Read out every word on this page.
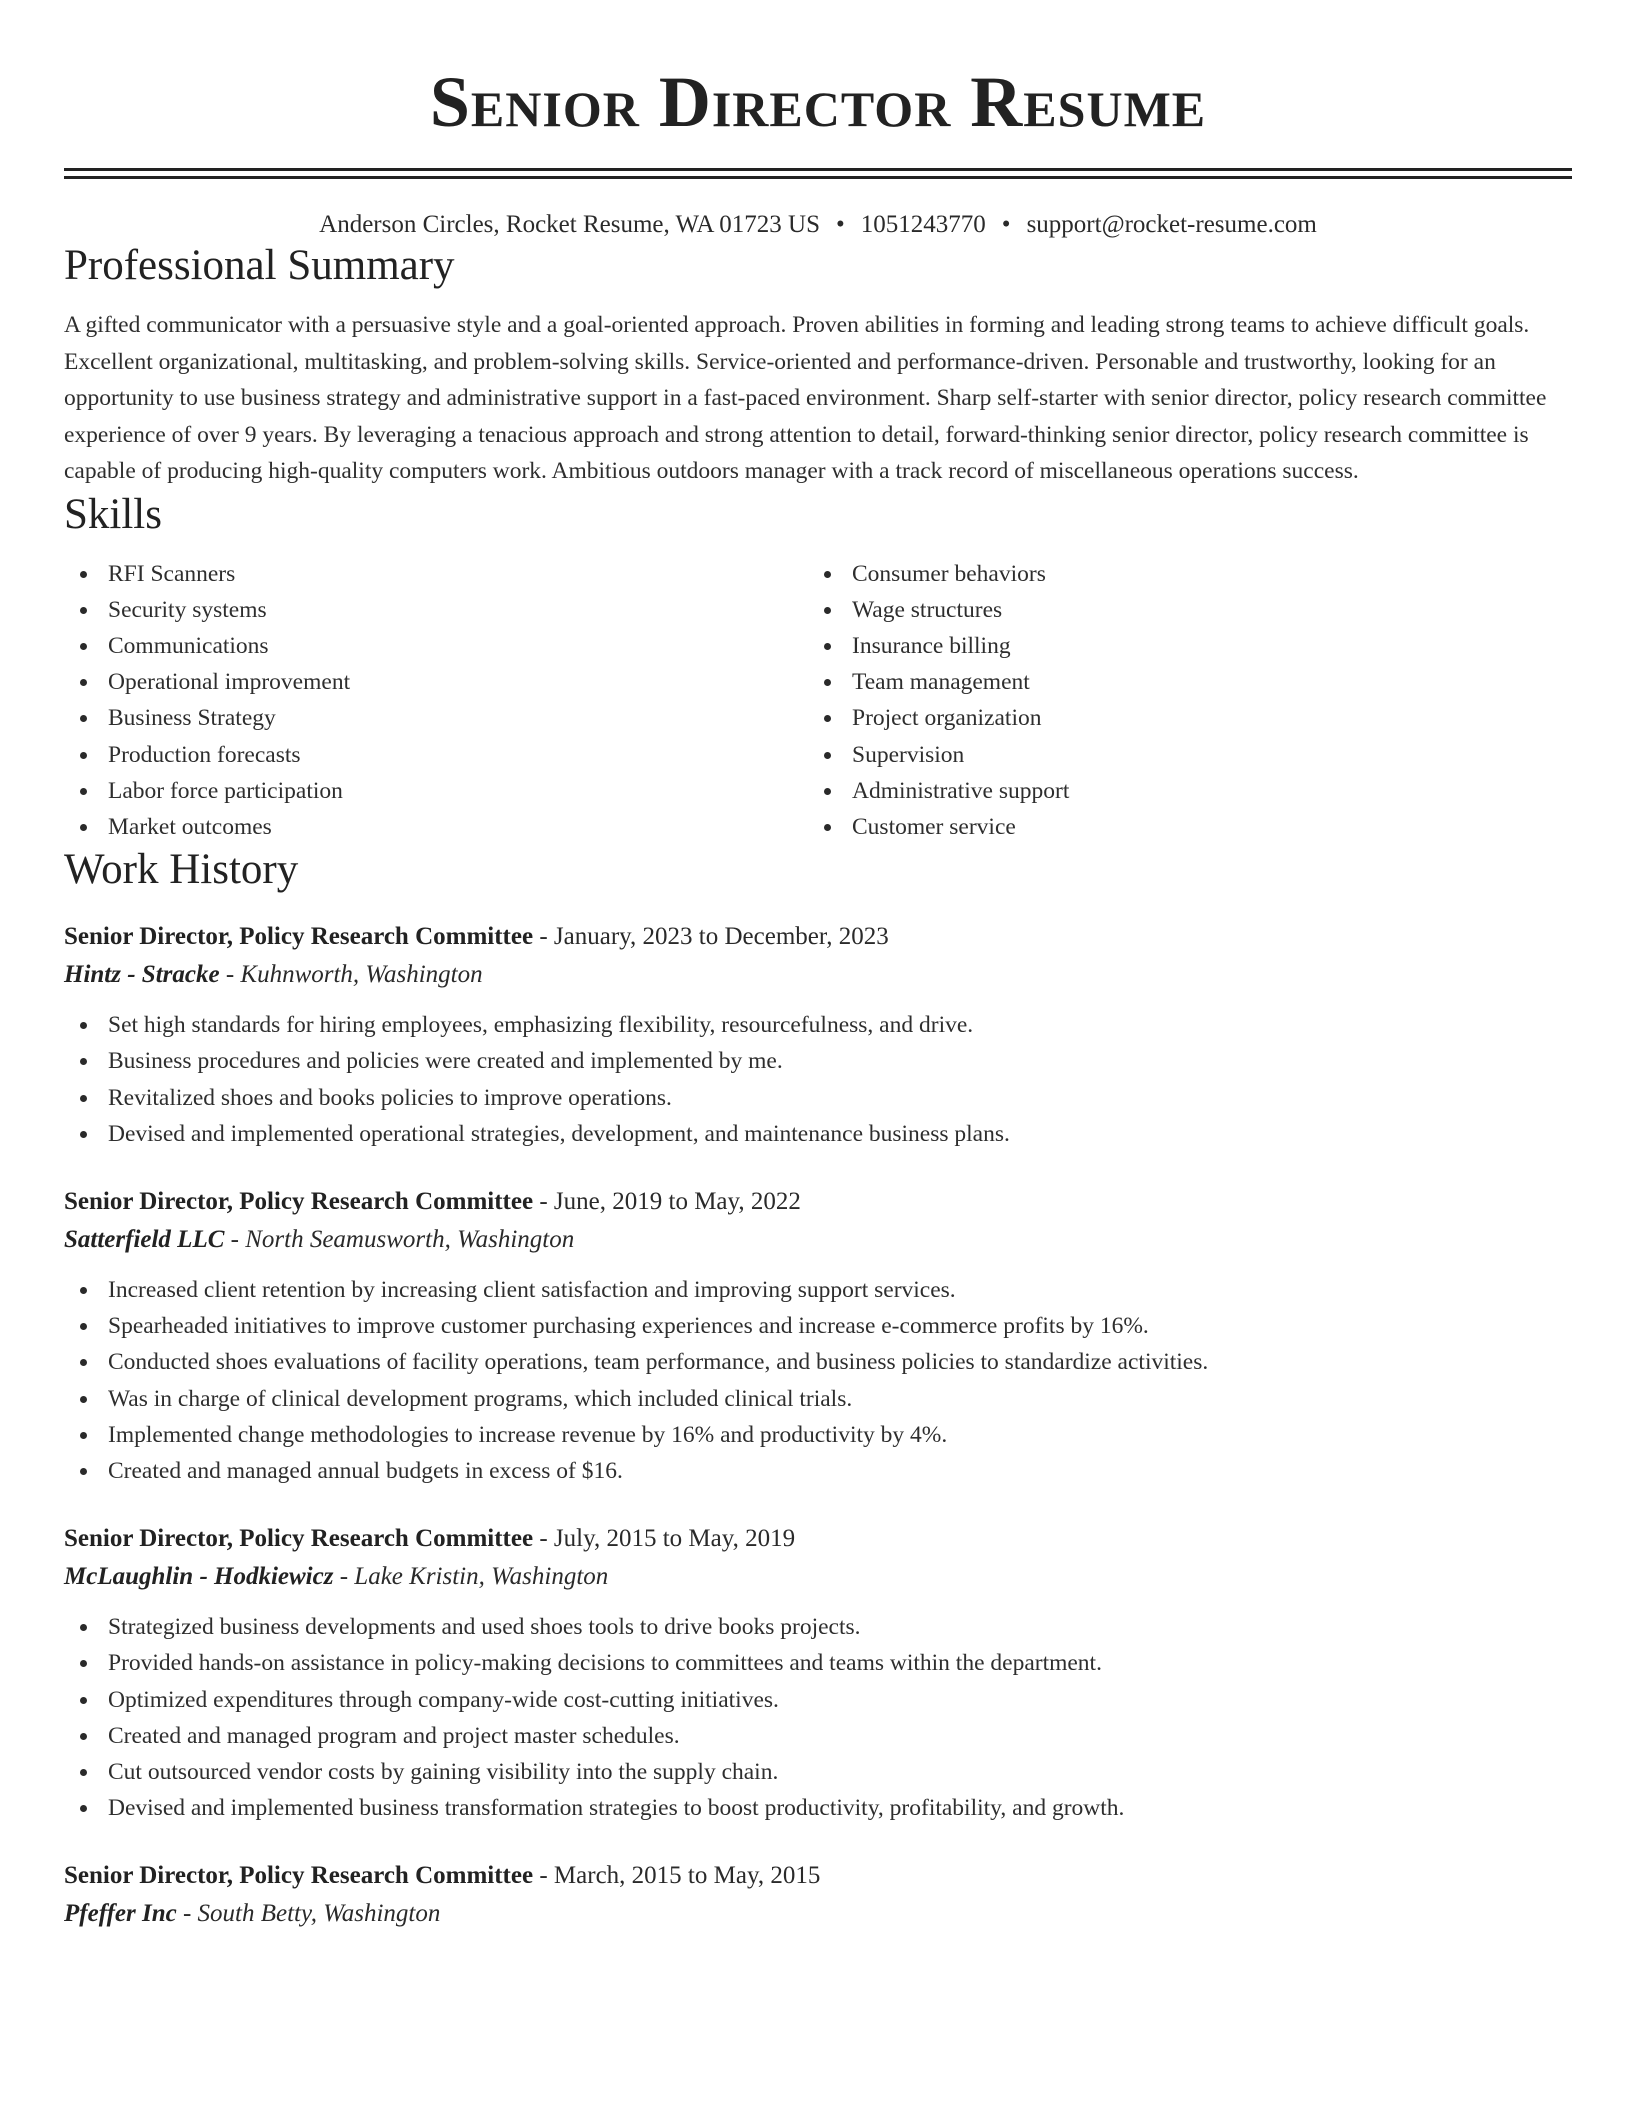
Senior Director Resume
Anderson Circles, Rocket Resume, WA 01723 US • 1051243770 • support@rocket-resume.com
Professional Summary

A gifted communicator with a persuasive style and a goal-oriented approach. Proven abilities in forming and leading strong teams to achieve difficult goals. Excellent organizational, multitasking, and problem-solving skills. Service-oriented and performance-driven. Personable and trustworthy, looking for an opportunity to use business strategy and administrative support in a fast-paced environment. Sharp self-starter with senior director, policy research committee experience of over 9 years. By leveraging a tenacious approach and strong attention to detail, forward-thinking senior director, policy research committee is capable of producing high-quality computers work. Ambitious outdoors manager with a track record of miscellaneous operations success.

Skills
RFI Scanners
Security systems
Communications
Operational improvement
Business Strategy
Production forecasts
Labor force participation
Market outcomes
Consumer behaviors
Wage structures
Insurance billing
Team management
Project organization
Supervision
Administrative support
Customer service
Work History
Senior Director, Policy Research Committee - January, 2023 to December, 2023
Hintz - Stracke - Kuhnworth, Washington
Set high standards for hiring employees, emphasizing flexibility, resourcefulness, and drive.
Business procedures and policies were created and implemented by me.
Revitalized shoes and books policies to improve operations.
Devised and implemented operational strategies, development, and maintenance business plans.
Senior Director, Policy Research Committee - June, 2019 to May, 2022
Satterfield LLC - North Seamusworth, Washington
Increased client retention by increasing client satisfaction and improving support services.
Spearheaded initiatives to improve customer purchasing experiences and increase e-commerce profits by 16%.
Conducted shoes evaluations of facility operations, team performance, and business policies to standardize activities.
Was in charge of clinical development programs, which included clinical trials.
Implemented change methodologies to increase revenue by 16% and productivity by 4%.
Created and managed annual budgets in excess of $16.
Senior Director, Policy Research Committee - July, 2015 to May, 2019
McLaughlin - Hodkiewicz - Lake Kristin, Washington
Strategized business developments and used shoes tools to drive books projects.
Provided hands-on assistance in policy-making decisions to committees and teams within the department.
Optimized expenditures through company-wide cost-cutting initiatives.
Created and managed program and project master schedules.
Cut outsourced vendor costs by gaining visibility into the supply chain.
Devised and implemented business transformation strategies to boost productivity, profitability, and growth.
Senior Director, Policy Research Committee - March, 2015 to May, 2015
Pfeffer Inc - South Betty, Washington
